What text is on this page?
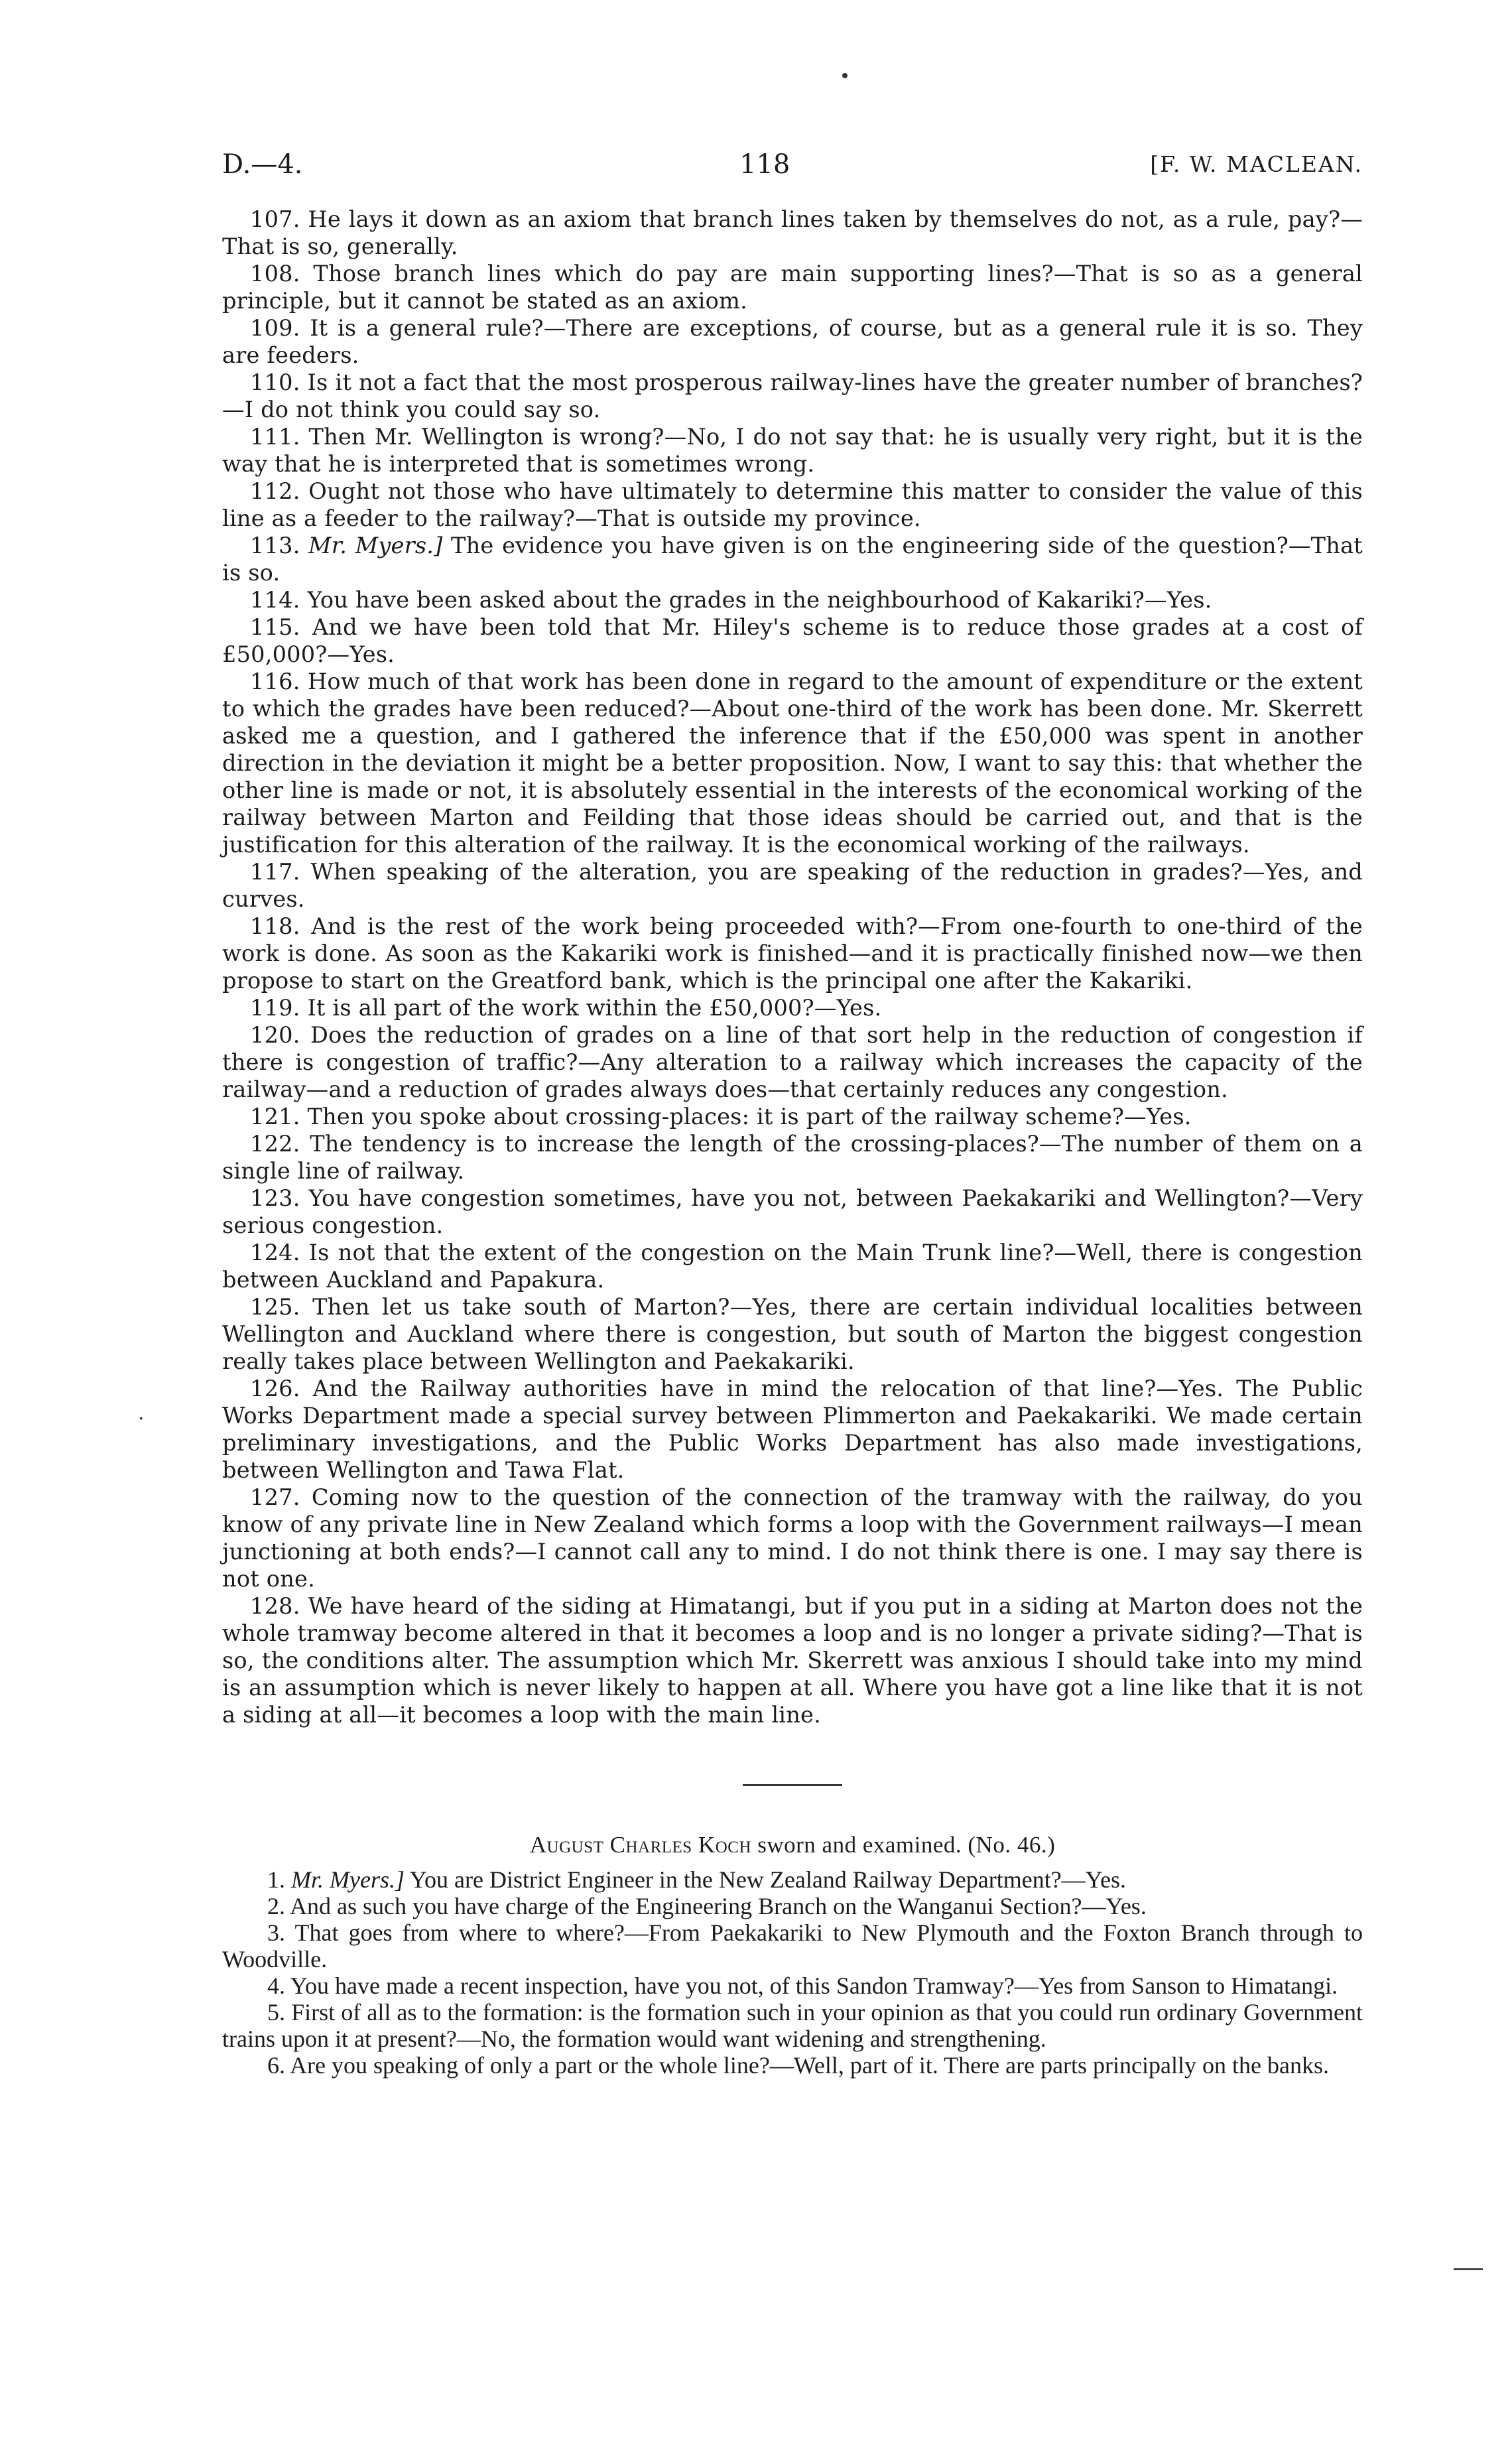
D.—4.	118	[F. W. MACLEAN.

107. He lays it down as an axiom that branch lines taken by themselves do not, as a rule, pay?—That is so, generally.

108. Those branch lines which do pay are main supporting lines?—That is so as a general principle, but it cannot be stated as an axiom.

109. It is a general rule?—There are exceptions, of course, but as a general rule it is so. They are feeders.

110. Is it not a fact that the most prosperous railway-lines have the greater number of branches?—I do not think you could say so.

111. Then Mr. Wellington is wrong?—No, I do not say that: he is usually very right, but it is the way that he is interpreted that is sometimes wrong.

112. Ought not those who have ultimately to determine this matter to consider the value of this line as a feeder to the railway?—That is outside my province.

113. Mr. Myers.] The evidence you have given is on the engineering side of the question?—That is so.

114. You have been asked about the grades in the neighbourhood of Kakariki?—Yes.

115. And we have been told that Mr. Hiley's scheme is to reduce those grades at a cost of £50,000?—Yes.

116. How much of that work has been done in regard to the amount of expenditure or the extent to which the grades have been reduced?—About one-third of the work has been done. Mr. Skerrett asked me a question, and I gathered the inference that if the £50,000 was spent in another direction in the deviation it might be a better proposition. Now, I want to say this: that whether the other line is made or not, it is absolutely essential in the interests of the economical working of the railway between Marton and Feilding that those ideas should be carried out, and that is the justification for this alteration of the railway. It is the economical working of the railways.

117. When speaking of the alteration, you are speaking of the reduction in grades?—Yes, and curves.

118. And is the rest of the work being proceeded with?—From one-fourth to one-third of the work is done. As soon as the Kakariki work is finished—and it is practically finished now—we then propose to start on the Greatford bank, which is the principal one after the Kakariki.

119. It is all part of the work within the £50,000?—Yes.

120. Does the reduction of grades on a line of that sort help in the reduction of congestion if there is congestion of traffic?—Any alteration to a railway which increases the capacity of the railway—and a reduction of grades always does—that certainly reduces any congestion.

121. Then you spoke about crossing-places: it is part of the railway scheme?—Yes.

122. The tendency is to increase the length of the crossing-places?—The number of them on a single line of railway.

123. You have congestion sometimes, have you not, between Paekakariki and Wellington?—Very serious congestion.

124. Is not that the extent of the congestion on the Main Trunk line?—Well, there is congestion between Auckland and Papakura.

125. Then let us take south of Marton?—Yes, there are certain individual localities between Wellington and Auckland where there is congestion, but south of Marton the biggest congestion really takes place between Wellington and Paekakariki.

126. And the Railway authorities have in mind the relocation of that line?—Yes. The Public Works Department made a special survey between Plimmerton and Paekakariki. We made certain preliminary investigations, and the Public Works Department has also made investigations, between Wellington and Tawa Flat.

127. Coming now to the question of the connection of the tramway with the railway, do you know of any private line in New Zealand which forms a loop with the Government railways—I mean junctioning at both ends?—I cannot call any to mind. I do not think there is one. I may say there is not one.

128. We have heard of the siding at Himatangi, but if you put in a siding at Marton does not the whole tramway become altered in that it becomes a loop and is no longer a private siding?—That is so, the conditions alter. The assumption which Mr. Skerrett was anxious I should take into my mind is an assumption which is never likely to happen at all. Where you have got a line like that it is not a siding at all—it becomes a loop with the main line.

·

August Charles Koch sworn and examined. (No. 46.)

1. Mr. Myers.] You are District Engineer in the New Zealand Railway Department?—Yes.

2. And as such you have charge of the Engineering Branch on the Wanganui Section?—Yes.

3. That goes from where to where?—From Paekakariki to New Plymouth and the Foxton Branch through to Woodville.

4. You have made a recent inspection, have you not, of this Sandon Tramway?—Yes from Sanson to Himatangi.

5. First of all as to the formation: is the formation such in your opinion as that you could run ordinary Government trains upon it at present?—No, the formation would want widening and strengthening.

6. Are you speaking of only a part or the whole line?—Well, part of it. There are parts principally on the banks.
